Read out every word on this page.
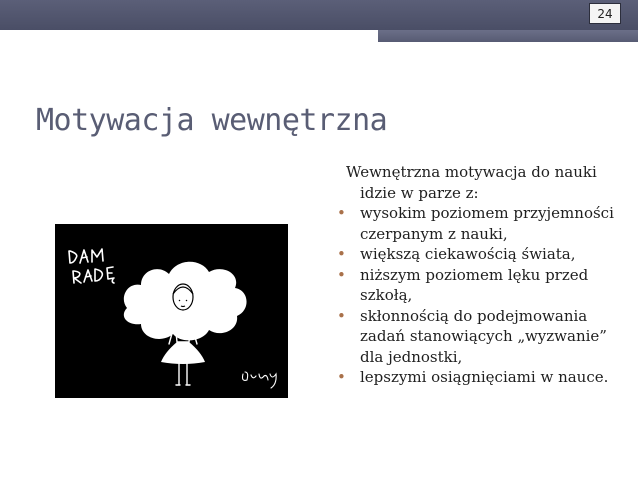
24
Motywacja wewnętrzna

Wewnętrzna motywacja do nauki idzie w parze z:

• wysokim poziomem przyjemności czerpanym z nauki,
• większą ciekawością świata,
• niższym poziomem lęku przed szkołą,
• skłonnością do podejmowania zadań stanowiących „wyzwanie” dla jednostki,
• lepszymi osiągnięciami w nauce.
